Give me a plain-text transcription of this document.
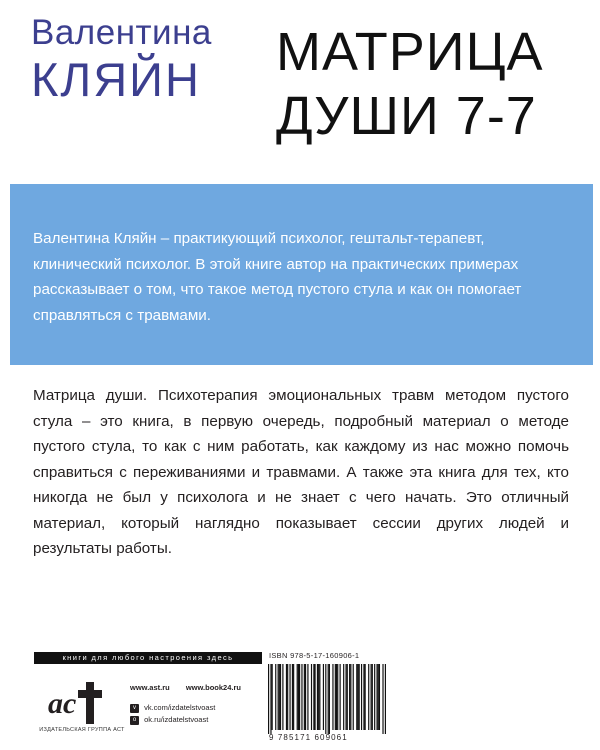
Валентина
КЛЯЙН МАТРИЦА
ДУШИ 7-7
Валентина Кляйн – практикующий психолог, гештальт-терапевт, клинический психолог. В этой книге автор на практических примерах рассказывает о том, что такое метод пустого стула и как он помогает справляться с травмами.
Матрица души. Психотерапия эмоциональных травм методом пустого стула – это книга, в первую очередь, подробный материал о методе пустого стула, то как с ним работать, как каждому из нас можно помочь справиться с переживаниями и травмами. А также эта книга для тех, кто никогда не был у психолога и не знает с чего начать. Это отличный материал, который наглядно показывает сессии других людей и результаты работы.
книги для любого настроения здесь
ac
ИЗДАТЕЛЬСКАЯ ГРУППА АСТ
www.ast.ru www.book24.ru
v vk.com/izdatelstvoast
o ok.ru/izdatelstvoast
ISBN 978-5-17-160906-1
9 785171 609061
